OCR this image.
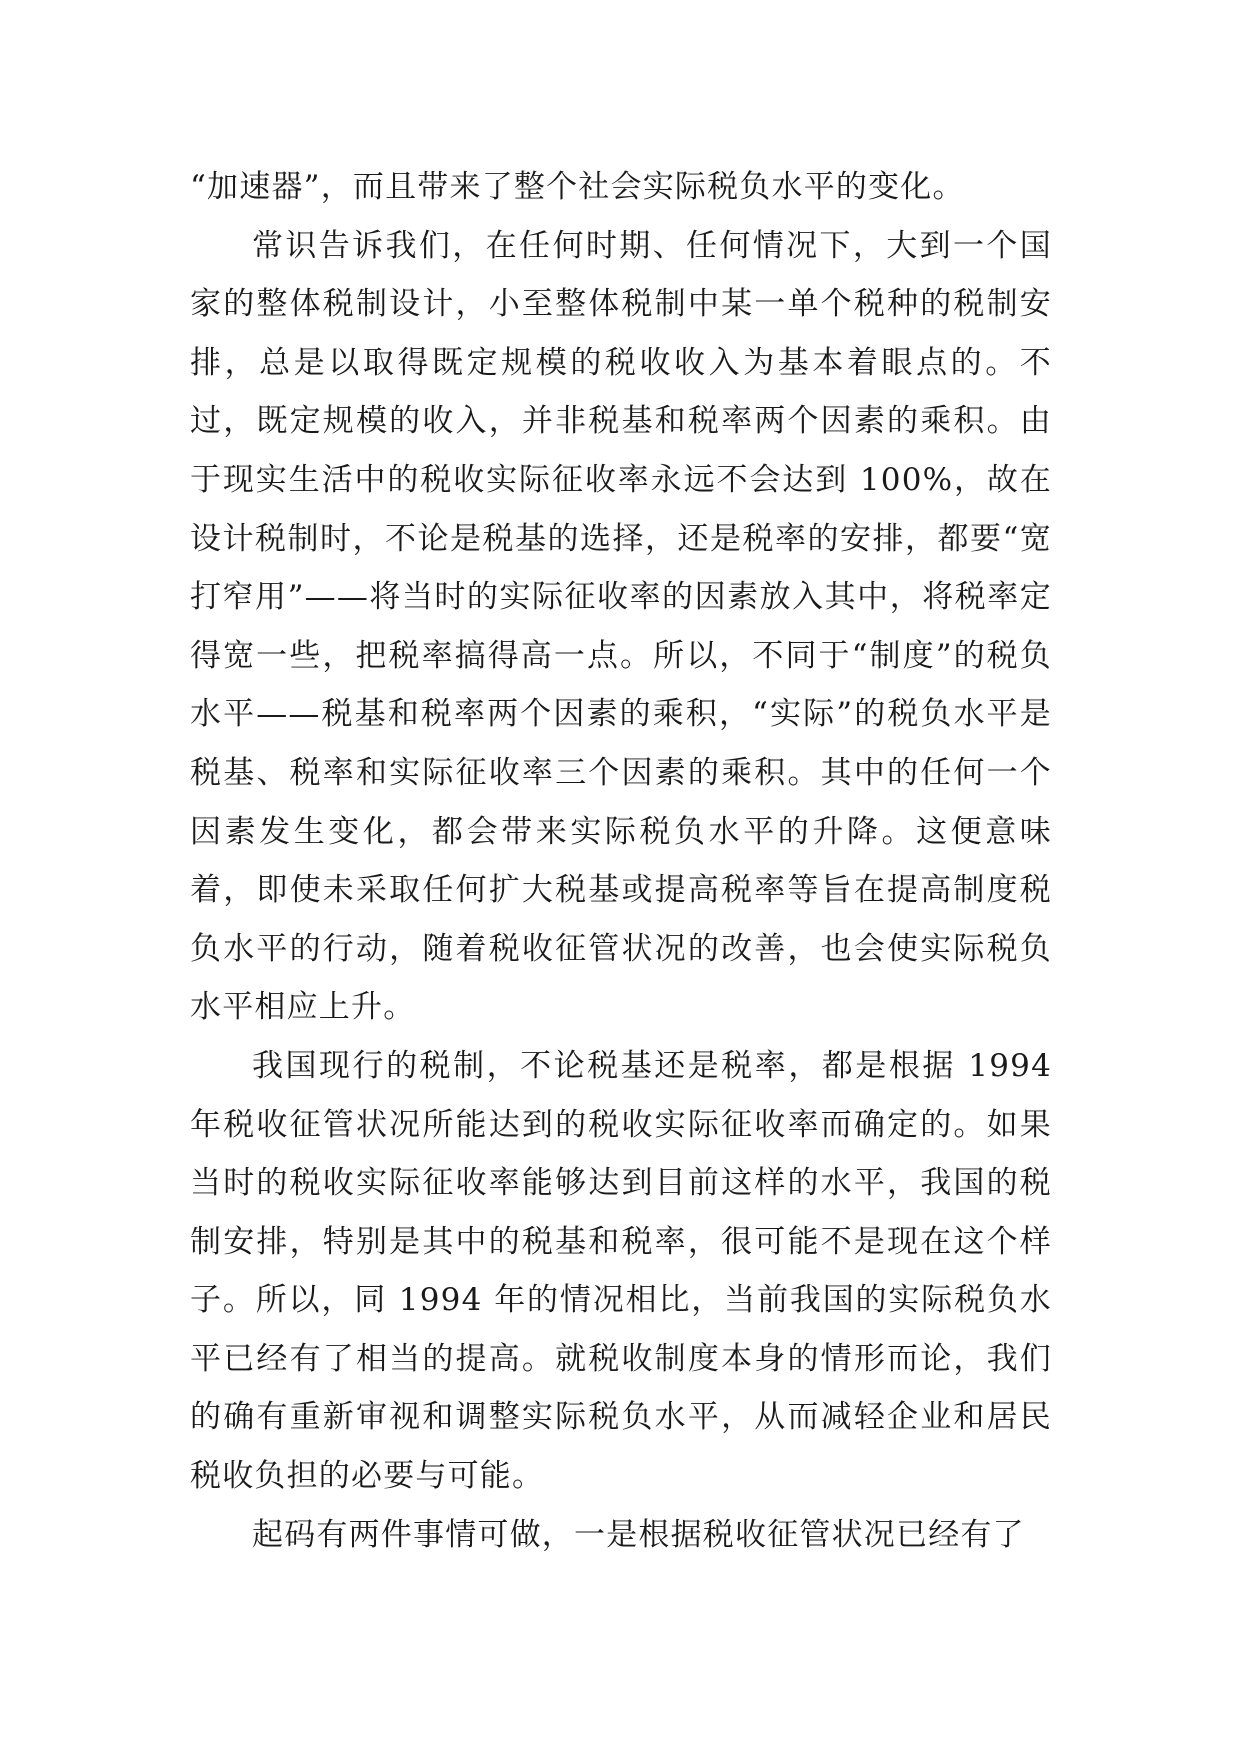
“加速器”，而且带来了整个社会实际税负水平的变化。

常识告诉我们，在任何时期、任何情况下，大到一个国家的整体税制设计，小至整体税制中某一单个税种的税制安排，总是以取得既定规模的税收收入为基本着眼点的。不过，既定规模的收入，并非税基和税率两个因素的乘积。由于现实生活中的税收实际征收率永远不会达到 100%，故在设计税制时，不论是税基的选择，还是税率的安排，都要“宽打窄用”——将当时的实际征收率的因素放入其中，将税率定得宽一些，把税率搞得高一点。所以，不同于“制度”的税负水平——税基和税率两个因素的乘积，“实际”的税负水平是税基、税率和实际征收率三个因素的乘积。其中的任何一个因素发生变化，都会带来实际税负水平的升降。这便意味着，即使未采取任何扩大税基或提高税率等旨在提高制度税负水平的行动，随着税收征管状况的改善，也会使实际税负水平相应上升。

我国现行的税制，不论税基还是税率，都是根据 1994 年税收征管状况所能达到的税收实际征收率而确定的。如果当时的税收实际征收率能够达到目前这样的水平，我国的税制安排，特别是其中的税基和税率，很可能不是现在这个样子。所以，同 1994 年的情况相比，当前我国的实际税负水平已经有了相当的提高。就税收制度本身的情形而论，我们的确有重新审视和调整实际税负水平，从而减轻企业和居民税收负担的必要与可能。

起码有两件事情可做，一是根据税收征管状况已经有了
